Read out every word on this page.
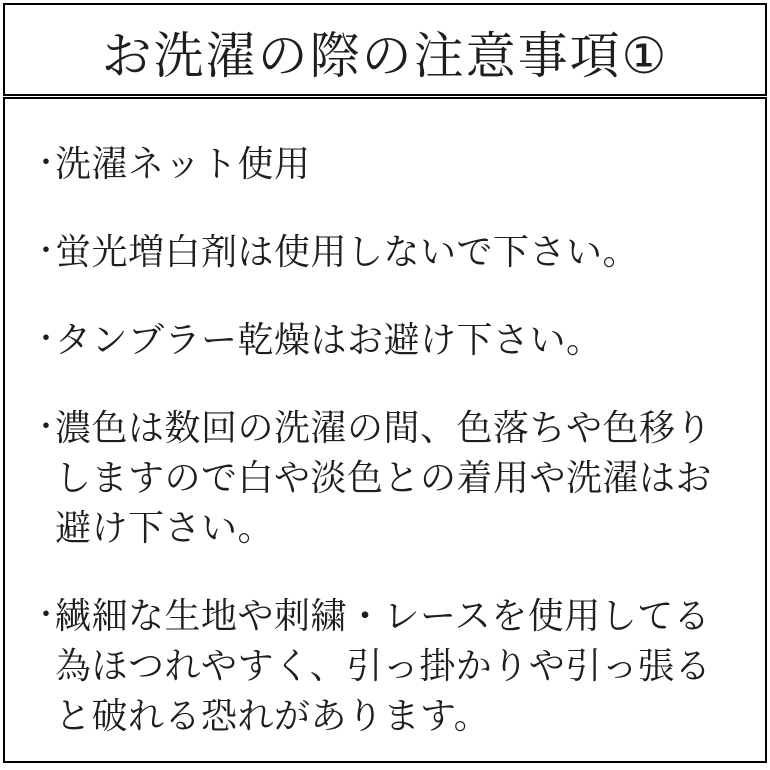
お洗濯の際の注意事項①
・
洗濯ネット使用
・
蛍光増白剤は使用しないで下さい。
・
タンブラー乾燥はお避け下さい。
・
濃色は数回の洗濯の間、色落ちや色移り
しますので白や淡色との着用や洗濯はお
避け下さい。
・
繊細な生地や刺繍・レースを使用してる
為ほつれやすく、引っ掛かりや引っ張る
と破れる恐れがあります。
